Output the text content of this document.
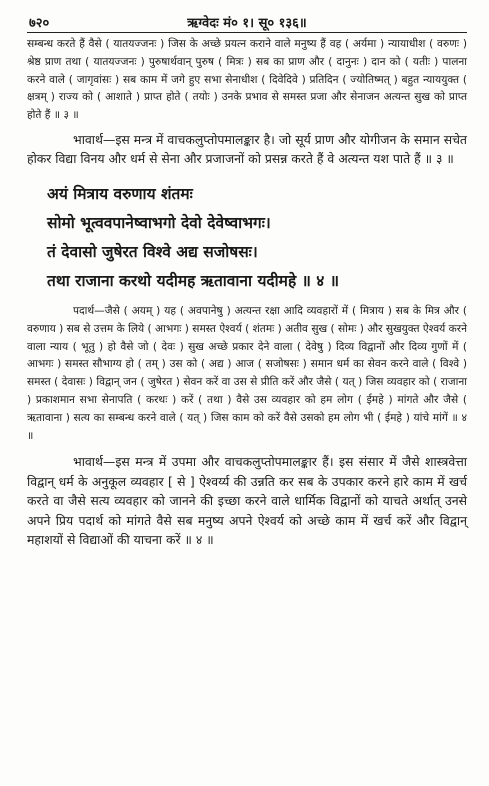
७२०	ऋग्वेदः मं० १। सू० १३६॥

सम्बन्ध करते हैं वैसे ( यातयज्जनः ) जिस के अच्छे प्रयत्न कराने वाले मनुष्य हैं वह ( अर्यमा ) न्यायाधीश ( वरुणः ) श्रेष्ठ प्राण तथा ( यातयज्जनः ) पुरुषार्थवान् पुरुष ( मित्रः ) सब का प्राण और ( दानुनः ) दान को ( यतीः ) पालना करने वाले ( जागृवांसः ) सब काम में जगे हुए सभा सेनाधीश ( दिवेदिवे ) प्रतिदिन ( ज्योतिष्मत् ) बहुत न्याययुक्त ( क्षत्रम् ) राज्य को ( आशाते ) प्राप्त होते ( तयोः ) उनके प्रभाव से समस्त प्रजा और सेनाजन अत्यन्त सुख को प्राप्त होते हैं ॥ ३ ॥

भावार्थ—इस मन्त्र में वाचकलुप्तोपमालङ्कार है। जो सूर्य प्राण और योगीजन के समान सचेत होकर विद्या विनय और धर्म से सेना और प्रजाजनों को प्रसन्न करते हैं वे अत्यन्त यश पाते हैं ॥ ३ ॥

अयं मित्राय वरुणाय शंतमः
सोमो भूत्ववपानेष्वाभगो देवो देवेष्वाभगः।
तं देवासो जुषेरत विश्वे अद्य सजोषसः।
तथा राजाना करथो यदीमह ऋतावाना यदीमहे ॥ ४ ॥

पदार्थ—जैसे ( अयम् ) यह ( अवपानेषु ) अत्यन्त रक्षा आदि व्यवहारों में ( मित्राय ) सब के मित्र और ( वरुणाय ) सब से उत्तम के लिये ( आभगः ) समस्त ऐश्वर्य ( शंतमः ) अतीव सुख ( सोमः ) और सुखयुक्त ऐश्वर्य करने वाला न्याय ( भूतु ) हो वैसे जो ( देवः ) सुख अच्छे प्रकार देने वाला ( देवेषु ) दिव्य विद्वानों और दिव्य गुणों में ( आभगः ) समस्त सौभाग्य हो ( तम् ) उस को ( अद्य ) आज ( सजोषसः ) समान धर्म का सेवन करने वाले ( विश्वे ) समस्त ( देवासः ) विद्वान् जन ( जुषेरत ) सेवन करें वा उस से प्रीति करें और जैसे ( यत् ) जिस व्यवहार को ( राजाना ) प्रकाशमान सभा सेनापति ( करथः ) करें ( तथा ) वैसे उस व्यवहार को हम लोग ( ईमहे ) मांगते और जैसे ( ऋतावाना ) सत्य का सम्बन्ध करने वाले ( यत् ) जिस काम को करें वैसे उसको हम लोग भी ( ईमहे ) यांचे मांगें ॥ ४ ॥

भावार्थ—इस मन्त्र में उपमा और वाचकलुप्तोपमालङ्कार हैं। इस संसार में जैसे शास्त्रवेत्ता विद्वान् धर्म के अनुकूल व्यवहार [ से ] ऐश्वर्य्य की उन्नति कर सब के उपकार करने हारे काम में खर्च करते वा जैसे सत्य व्यवहार को जानने की इच्छा करने वाले धार्मिक विद्वानों को याचते अर्थात् उनसे अपने प्रिय पदार्थ को मांगते वैसे सब मनुष्य अपने ऐश्वर्य को अच्छे काम में खर्च करें और विद्वान् महाशयों से विद्याओं की याचना करें ॥ ४ ॥
